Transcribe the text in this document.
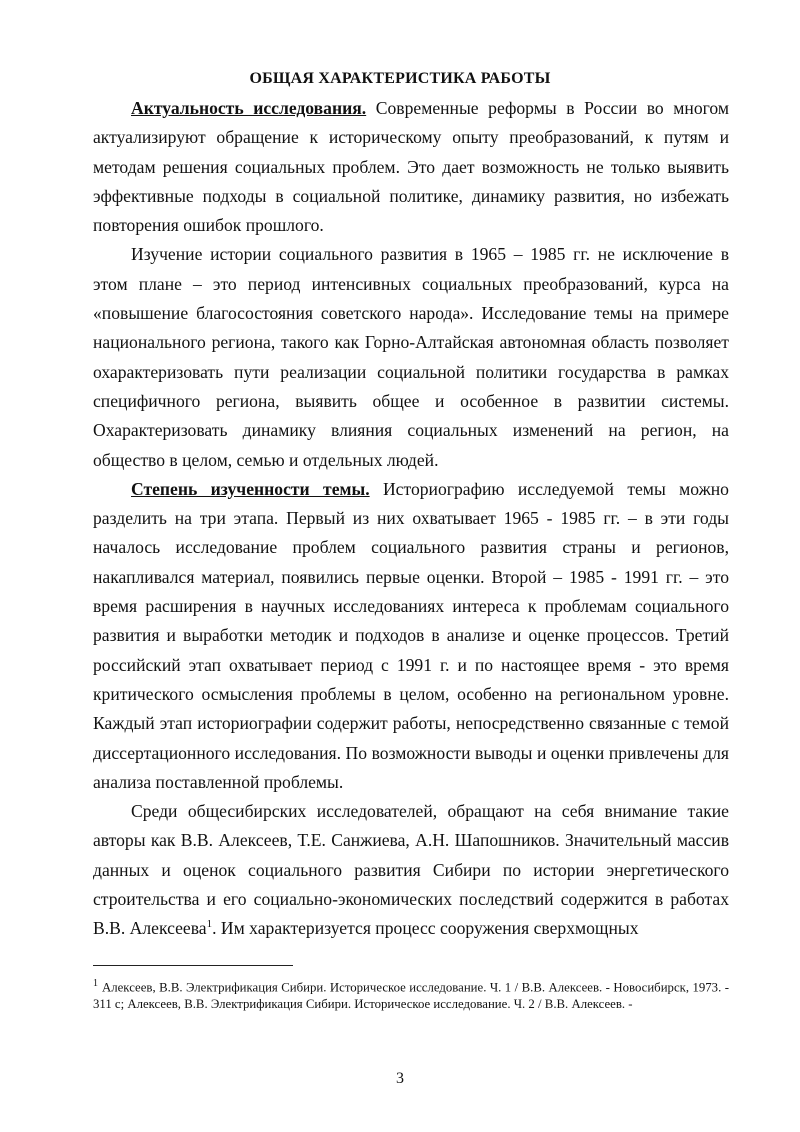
ОБЩАЯ ХАРАКТЕРИСТИКА РАБОТЫ

Актуальность исследования. Современные реформы в России во многом актуализируют обращение к историческому опыту преобразований, к путям и методам решения социальных проблем. Это дает возможность не только выявить эффективные подходы в социальной политике, динамику развития, но избежать повторения ошибок прошлого.

Изучение истории социального развития в 1965 – 1985 гг. не исключение в этом плане – это период интенсивных социальных преобразований, курса на «повышение благосостояния советского народа». Исследование темы на примере национального региона, такого как Горно-Алтайская автономная область позволяет охарактеризовать пути реализации социальной политики государства в рамках специфичного региона, выявить общее и особенное в развитии системы. Охарактеризовать динамику влияния социальных изменений на регион, на общество в целом, семью и отдельных людей.

Степень изученности темы. Историографию исследуемой темы можно разделить на три этапа. Первый из них охватывает 1965 - 1985 гг. – в эти годы началось исследование проблем социального развития страны и регионов, накапливался материал, появились первые оценки. Второй – 1985 - 1991 гг. – это время расширения в научных исследованиях интереса к проблемам социального развития и выработки методик и подходов в анализе и оценке процессов. Третий российский этап охватывает период с 1991 г. и по настоящее время - это время критического осмысления проблемы в целом, особенно на региональном уровне. Каждый этап историографии содержит работы, непосредственно связанные с темой диссертационного исследования. По возможности выводы и оценки привлечены для анализа поставленной проблемы.

Среди общесибирских исследователей, обращают на себя внимание такие авторы как В.В. Алексеев, Т.Е. Санжиева, А.Н. Шапошников. Значительный массив данных и оценок социального развития Сибири по истории энергетического строительства и его социально-экономических последствий содержится в работах В.В. Алексеева$^1$. Им характеризуется процесс сооружения сверхмощных

$^1$ Алексеев, В.В. Электрификация Сибири. Историческое исследование. Ч. 1 / В.В. Алексеев. - Новосибирск, 1973. - 311 с; Алексеев, В.В. Электрификация Сибири. Историческое исследование. Ч. 2 / В.В. Алексеев. -
3
